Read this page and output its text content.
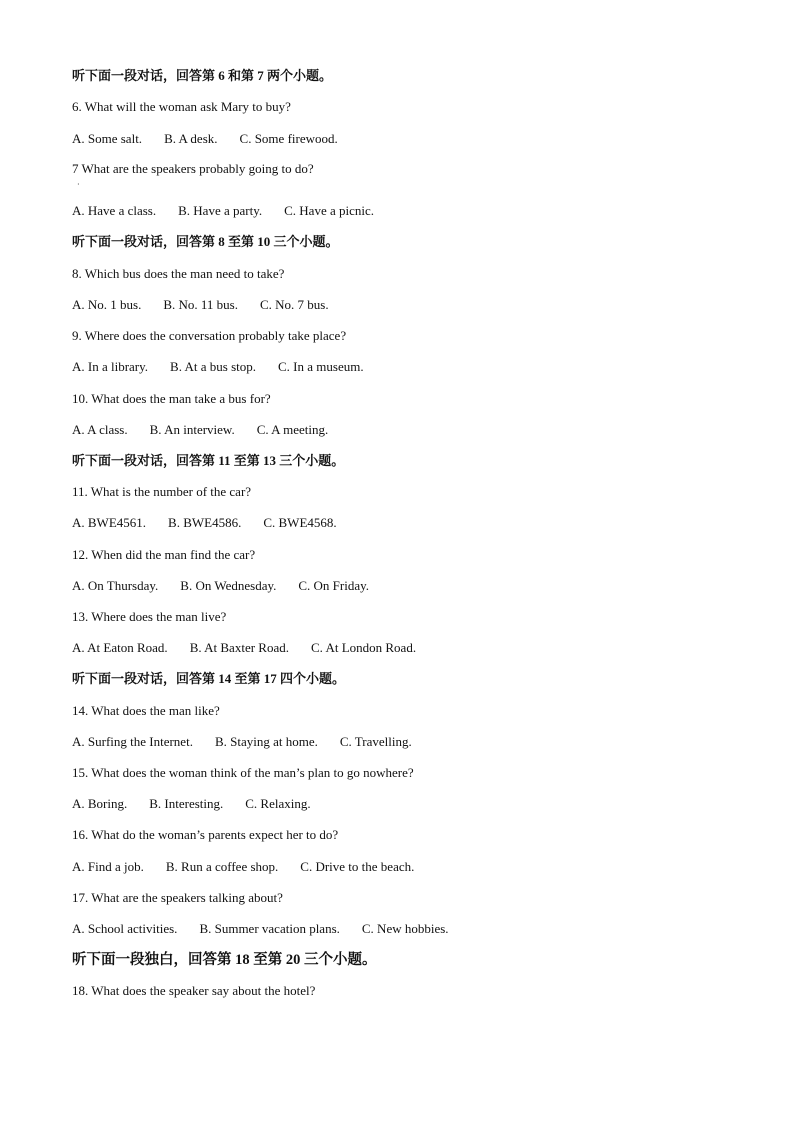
听下面一段对话，回答第 6 和第 7 两个小题。
6. What will the woman ask Mary to buy?
A. Some salt. B. A desk. C. Some firewood.
7 What are the speakers probably going to do?
·
A. Have a class. B. Have a party. C. Have a picnic.
听下面一段对话，回答第 8 至第 10 三个小题。
8. Which bus does the man need to take?
A. No. 1 bus. B. No. 11 bus. C. No. 7 bus.
9. Where does the conversation probably take place?
A. In a library. B. At a bus stop. C. In a museum.
10. What does the man take a bus for?
A. A class. B. An interview. C. A meeting.
听下面一段对话，回答第 11 至第 13 三个小题。
11. What is the number of the car?
A. BWE4561. B. BWE4586. C. BWE4568.
12. When did the man find the car?
A. On Thursday. B. On Wednesday. C. On Friday.
13. Where does the man live?
A. At Eaton Road. B. At Baxter Road. C. At London Road.
听下面一段对话，回答第 14 至第 17 四个小题。
14. What does the man like?
A. Surfing the Internet. B. Staying at home. C. Travelling.
15. What does the woman think of the man’s plan to go nowhere?
A. Boring. B. Interesting. C. Relaxing.
16. What do the woman’s parents expect her to do?
A. Find a job. B. Run a coffee shop. C. Drive to the beach.
17. What are the speakers talking about?
A. School activities. B. Summer vacation plans. C. New hobbies.
听下面一段独白，回答第 18 至第 20 三个小题。
18. What does the speaker say about the hotel?
